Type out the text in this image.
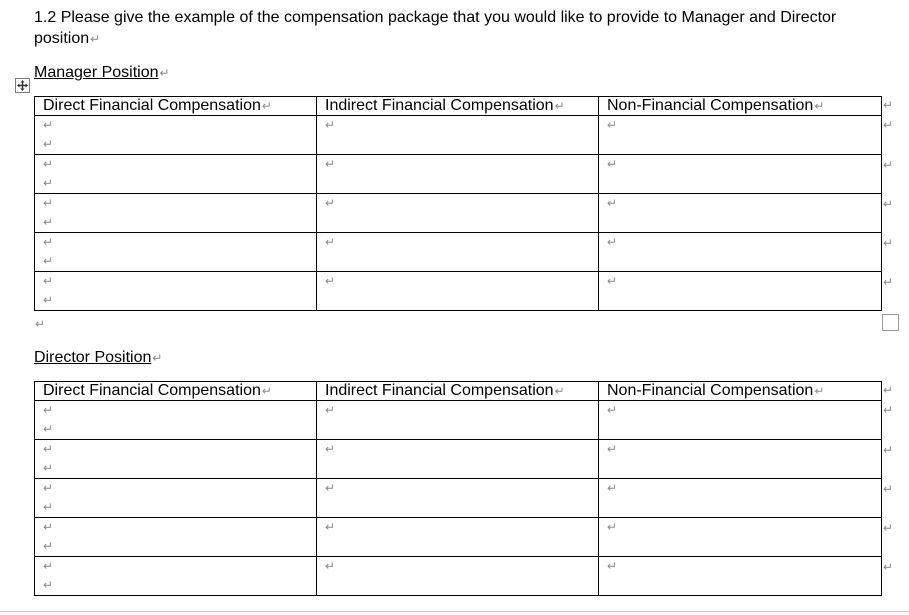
1.2 Please give the example of the compensation package that you would like to provide to Manager and Director
position↵
Manager Position↵
Direct Financial Compensation↵	Indirect Financial Compensation↵	Non-Financial Compensation↵

↵
↵	↵	↵

↵
↵	↵	↵

↵
↵	↵	↵

↵
↵	↵	↵

↵
↵	↵	↵
↵
↵
↵
↵
↵
↵
↵
Director Position↵
Direct Financial Compensation↵	Indirect Financial Compensation↵	Non-Financial Compensation↵

↵
↵	↵	↵

↵
↵	↵	↵

↵
↵	↵	↵

↵
↵	↵	↵

↵
↵	↵	↵
↵
↵
↵
↵
↵
↵
